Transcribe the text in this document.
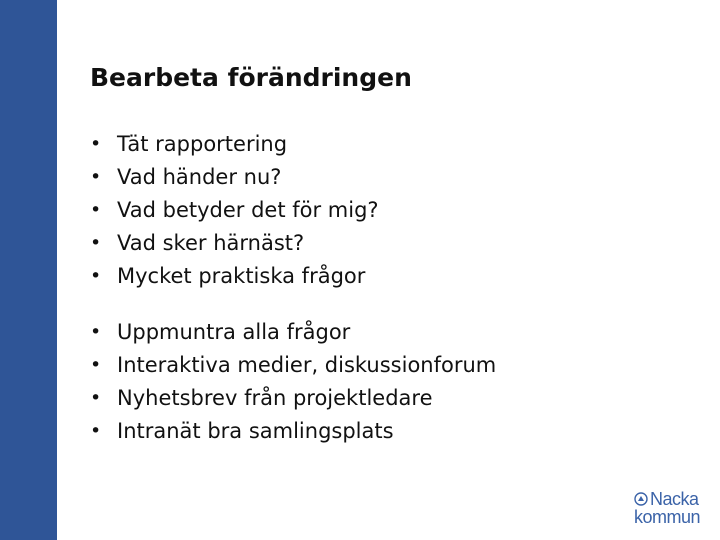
Bearbeta förändringen
• Tät rapportering
• Vad händer nu?
• Vad betyder det för mig?
• Vad sker härnäst?
• Mycket praktiska frågor
• Uppmuntra alla frågor
• Interaktiva medier, diskussionforum
• Nyhetsbrev från projektledare
• Intranät bra samlingsplats
Nacka
kommun
